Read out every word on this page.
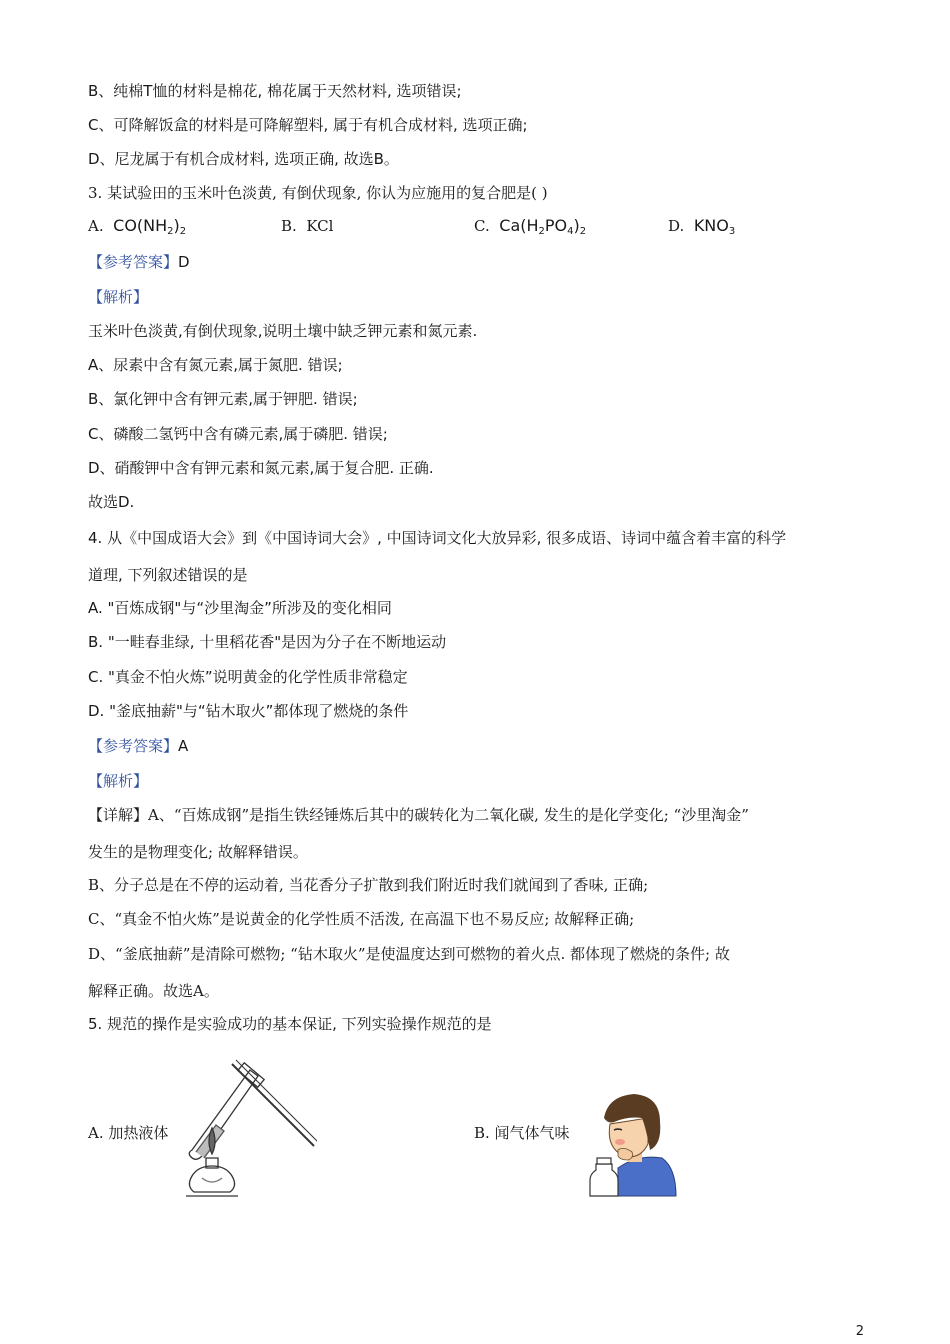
B、纯棉T恤的材料是棉花, 棉花属于天然材料, 选项错误;
C、可降解饭盒的材料是可降解塑料, 属于有机合成材料, 选项正确;
D、尼龙属于有机合成材料, 选项正确, 故选B。
3. 某试验田的玉米叶色淡黄, 有倒伏现象, 你认为应施用的复合肥是( )
A. $CO(NH_2)_2$	B. KCl	C. $Ca(H_2PO_4)_2$	D. $KNO_3$
【参考答案】D
【解析】
玉米叶色淡黄,有倒伏现象,说明土壤中缺乏钾元素和氮元素.
A、尿素中含有氮元素,属于氮肥. 错误;
B、氯化钾中含有钾元素,属于钾肥. 错误;
C、磷酸二氢钙中含有磷元素,属于磷肥. 错误;
D、硝酸钾中含有钾元素和氮元素,属于复合肥. 正确.
故选D.
4. 从《中国成语大会》到《中国诗词大会》, 中国诗词文化大放异彩, 很多成语、诗词中蕴含着丰富的科学
道理, 下列叙述错误的是
A. "百炼成钢"与“沙里淘金”所涉及的变化相同
B. "一畦春韭绿, 十里稻花香"是因为分子在不断地运动
C. "真金不怕火炼”说明黄金的化学性质非常稳定
D. "釜底抽薪"与“钻木取火”都体现了燃烧的条件
【参考答案】A
【解析】
【详解】A、“百炼成钢”是指生铁经锤炼后其中的碳转化为二氧化碳, 发生的是化学变化; “沙里淘金”
发生的是物理变化; 故解释错误。
B、分子总是在不停的运动着, 当花香分子扩散到我们附近时我们就闻到了香味, 正确;
C、“真金不怕火炼”是说黄金的化学性质不活泼, 在高温下也不易反应; 故解释正确;
D、“釜底抽薪”是清除可燃物; “钻木取火”是使温度达到可燃物的着火点. 都体现了燃烧的条件; 故
解释正确。故选A。
5. 规范的操作是实验成功的基本保证, 下列实验操作规范的是
A. 加热液体	B. 闻气体气味
2
